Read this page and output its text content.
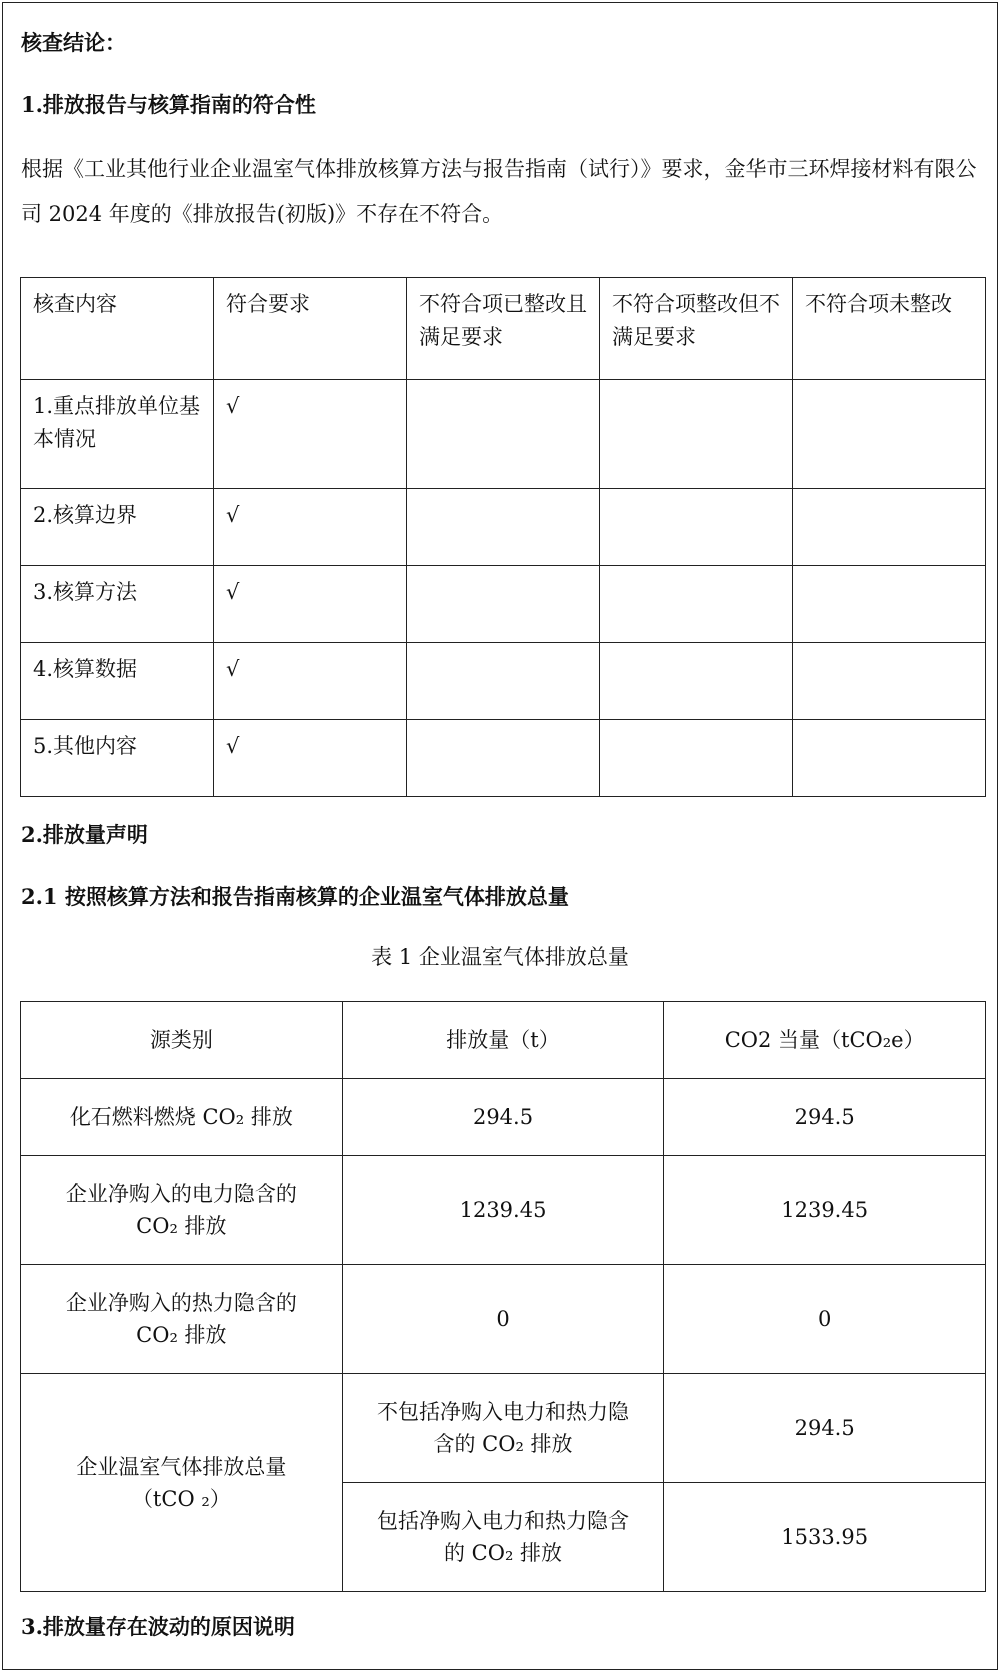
核查结论：
1.排放报告与核算指南的符合性
根据《工业其他行业企业温室气体排放核算方法与报告指南（试行）》要求，金华市三环焊接材料有限公司 2024 年度的《排放报告(初版)》不存在不符合。
核查内容	符合要求	不符合项已整改且满足要求	不符合项整改但不满足要求	不符合项未整改
1.重点排放单位基本情况	√			
2.核算边界	√			
3.核算方法	√			
4.核算数据	√			
5.其他内容	√			
2.排放量声明
2.1 按照核算方法和报告指南核算的企业温室气体排放总量
表 1 企业温室气体排放总量
源类别	排放量（t）	CO2 当量（tCO₂e）
化石燃料燃烧 CO₂ 排放	294.5	294.5
企业净购入的电力隐含的 CO₂ 排放	1239.45	1239.45
企业净购入的热力隐含的 CO₂ 排放	0	0
企业温室气体排放总量（tCO ₂）	不包括净购入电力和热力隐含的 CO₂ 排放	294.5
	包括净购入电力和热力隐含的 CO₂ 排放	1533.95
3.排放量存在波动的原因说明
